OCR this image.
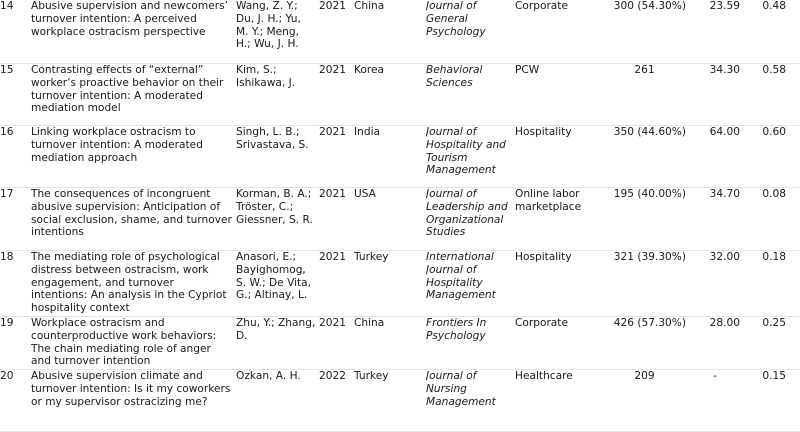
14	Abusive supervision and newcomers’ turnover intention: A perceived workplace ostracism perspective	Wang, Z. Y.; Du, J. H.; Yu, M. Y.; Meng, H.; Wu, J. H.	2021	China	Journal of General Psychology	Corporate	300 (54.30%)	23.59	0.48
15	Contrasting effects of “external” worker’s proactive behavior on their turnover intention: A moderated mediation model	Kim, S.; Ishikawa, J.	2021	Korea	Behavioral Sciences	PCW	261	34.30	0.58
16	Linking workplace ostracism to turnover intention: A moderated mediation approach	Singh, L. B.; Srivastava, S.	2021	India	Journal of Hospitality and Tourism Management	Hospitality	350 (44.60%)	64.00	0.60
17	The consequences of incongruent abusive supervision: Anticipation of social exclusion, shame, and turnover intentions	Korman, B. A.; Tröster, C.; Giessner, S. R.	2021	USA	Journal of Leadership and Organizational Studies	Online labor marketplace	195 (40.00%)	34.70	0.08
18	The mediating role of psychological distress between ostracism, work engagement, and turnover intentions: An analysis in the Cypriot hospitality context	Anasori, E.; Bayighomog, S. W.; De Vita, G.; Altinay, L.	2021	Turkey	International Journal of Hospitality Management	Hospitality	321 (39.30%)	32.00	0.18
19	Workplace ostracism and counterproductive work behaviors: The chain mediating role of anger and turnover intention	Zhu, Y.; Zhang, D.	2021	China	Frontiers In Psychology	Corporate	426 (57.30%)	28.00	0.25
20	Abusive supervision climate and turnover intention: Is it my coworkers or my supervisor ostracizing me?	Özkan, A. H.	2022	Turkey	Journal of Nursing Management	Healthcare	209	-	0.15
